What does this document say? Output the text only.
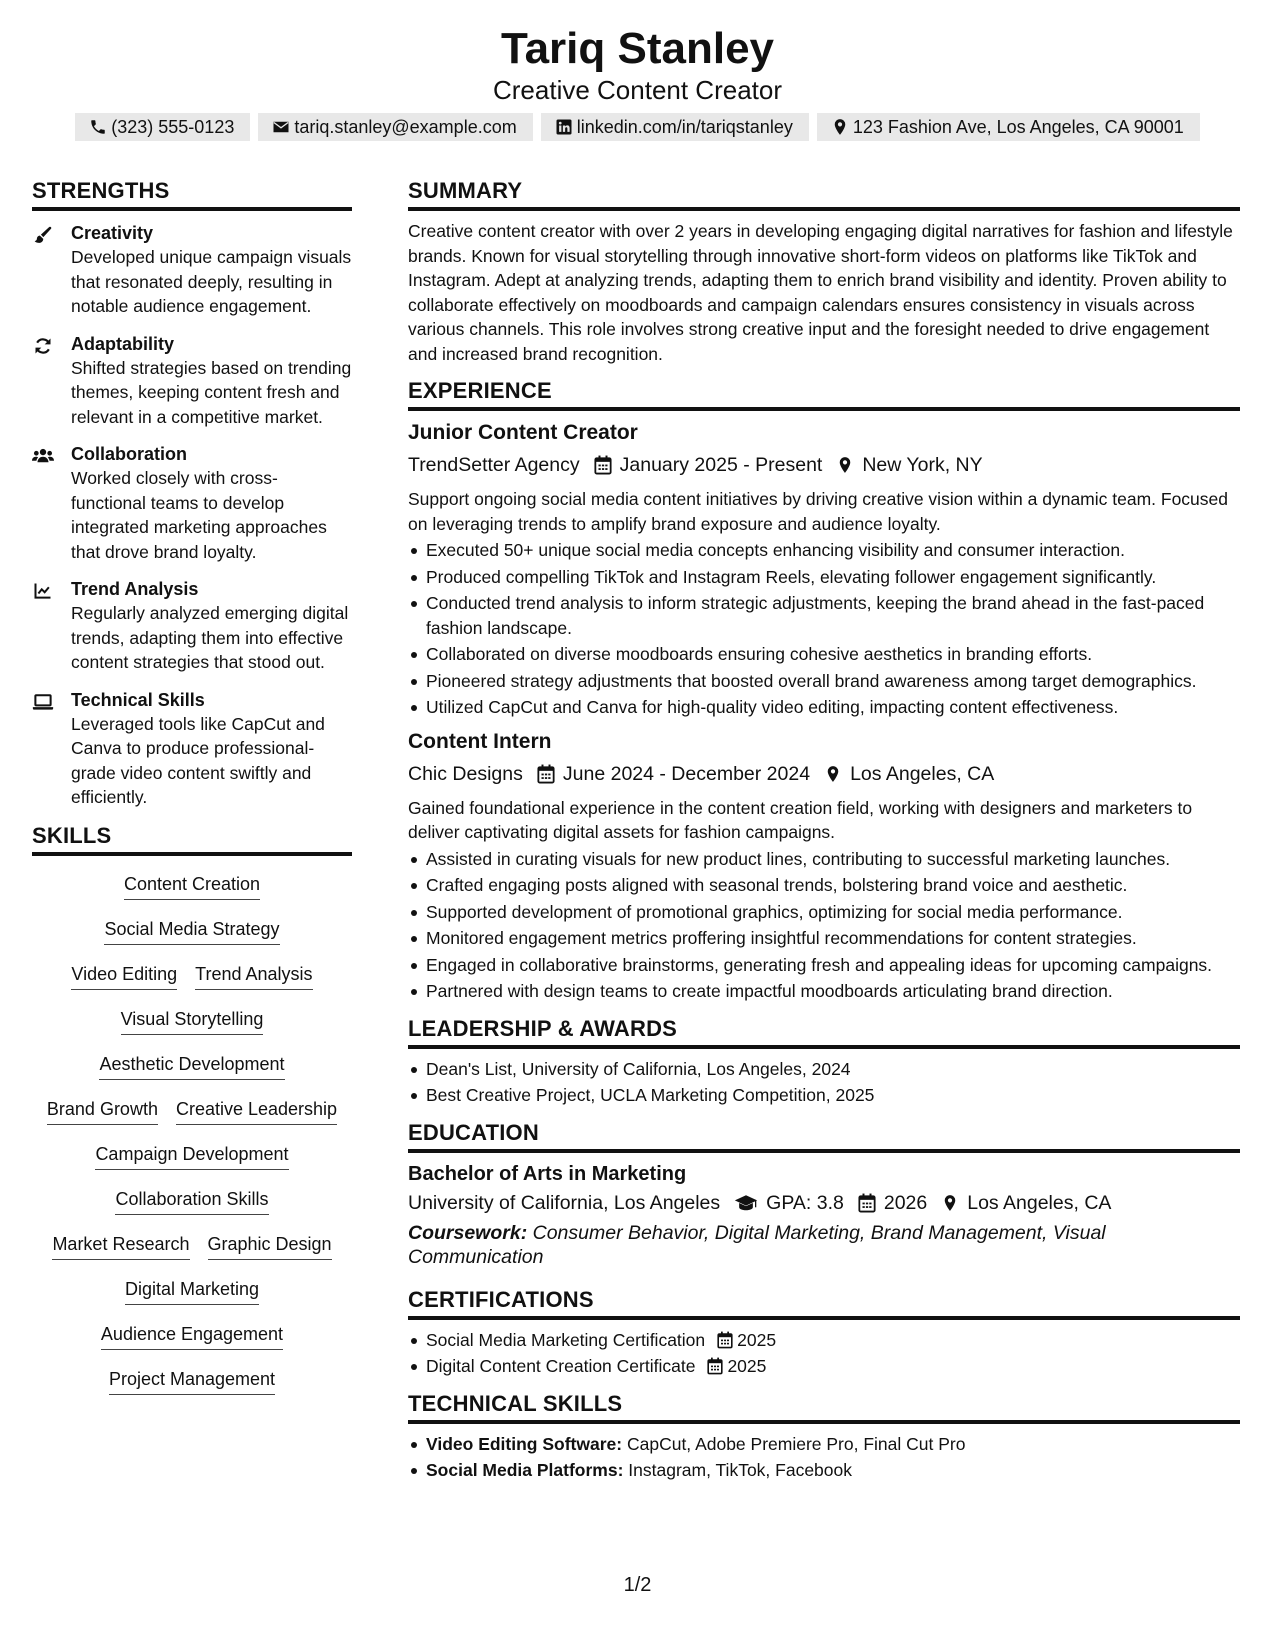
Tariq Stanley
Creative Content Creator
(323) 555-0123	tariq.stanley@example.com	linkedin.com/in/tariqstanley	123 Fashion Ave, Los Angeles, CA 90001
STRENGTHS
Creativity
Developed unique campaign visuals that resonated deeply, resulting in notable audience engagement.
Adaptability
Shifted strategies based on trending themes, keeping content fresh and relevant in a competitive market.
Collaboration
Worked closely with cross-functional teams to develop integrated marketing approaches that drove brand loyalty.
Trend Analysis
Regularly analyzed emerging digital trends, adapting them into effective content strategies that stood out.
Technical Skills
Leveraged tools like CapCut and Canva to produce professional-grade video content swiftly and efficiently.
SKILLS
Content Creation
Social Media Strategy
Video Editing Trend Analysis
Visual Storytelling
Aesthetic Development
Brand Growth Creative Leadership
Campaign Development
Collaboration Skills
Market Research Graphic Design
Digital Marketing
Audience Engagement
Project Management
SUMMARY
Creative content creator with over 2 years in developing engaging digital narratives for fashion and lifestyle brands. Known for visual storytelling through innovative short-form videos on platforms like TikTok and Instagram. Adept at analyzing trends, adapting them to enrich brand visibility and identity. Proven ability to collaborate effectively on moodboards and campaign calendars ensures consistency in visuals across various channels. This role involves strong creative input and the foresight needed to drive engagement and increased brand recognition.
EXPERIENCE
Junior Content Creator
TrendSetter Agency January 2025 - Present New York, NY
Support ongoing social media content initiatives by driving creative vision within a dynamic team. Focused on leveraging trends to amplify brand exposure and audience loyalty.
Executed 50+ unique social media concepts enhancing visibility and consumer interaction.
Produced compelling TikTok and Instagram Reels, elevating follower engagement significantly.
Conducted trend analysis to inform strategic adjustments, keeping the brand ahead in the fast-paced fashion landscape.
Collaborated on diverse moodboards ensuring cohesive aesthetics in branding efforts.
Pioneered strategy adjustments that boosted overall brand awareness among target demographics.
Utilized CapCut and Canva for high-quality video editing, impacting content effectiveness.
Content Intern
Chic Designs June 2024 - December 2024 Los Angeles, CA
Gained foundational experience in the content creation field, working with designers and marketers to deliver captivating digital assets for fashion campaigns.
Assisted in curating visuals for new product lines, contributing to successful marketing launches.
Crafted engaging posts aligned with seasonal trends, bolstering brand voice and aesthetic.
Supported development of promotional graphics, optimizing for social media performance.
Monitored engagement metrics proffering insightful recommendations for content strategies.
Engaged in collaborative brainstorms, generating fresh and appealing ideas for upcoming campaigns.
Partnered with design teams to create impactful moodboards articulating brand direction.
LEADERSHIP & AWARDS
Dean's List, University of California, Los Angeles, 2024
Best Creative Project, UCLA Marketing Competition, 2025
EDUCATION
Bachelor of Arts in Marketing
University of California, Los Angeles GPA: 3.8 2026 Los Angeles, CA
Coursework: Consumer Behavior, Digital Marketing, Brand Management, Visual Communication
CERTIFICATIONS
Social Media Marketing Certification 2025
Digital Content Creation Certificate 2025
TECHNICAL SKILLS
Video Editing Software: CapCut, Adobe Premiere Pro, Final Cut Pro
Social Media Platforms: Instagram, TikTok, Facebook
1/2
